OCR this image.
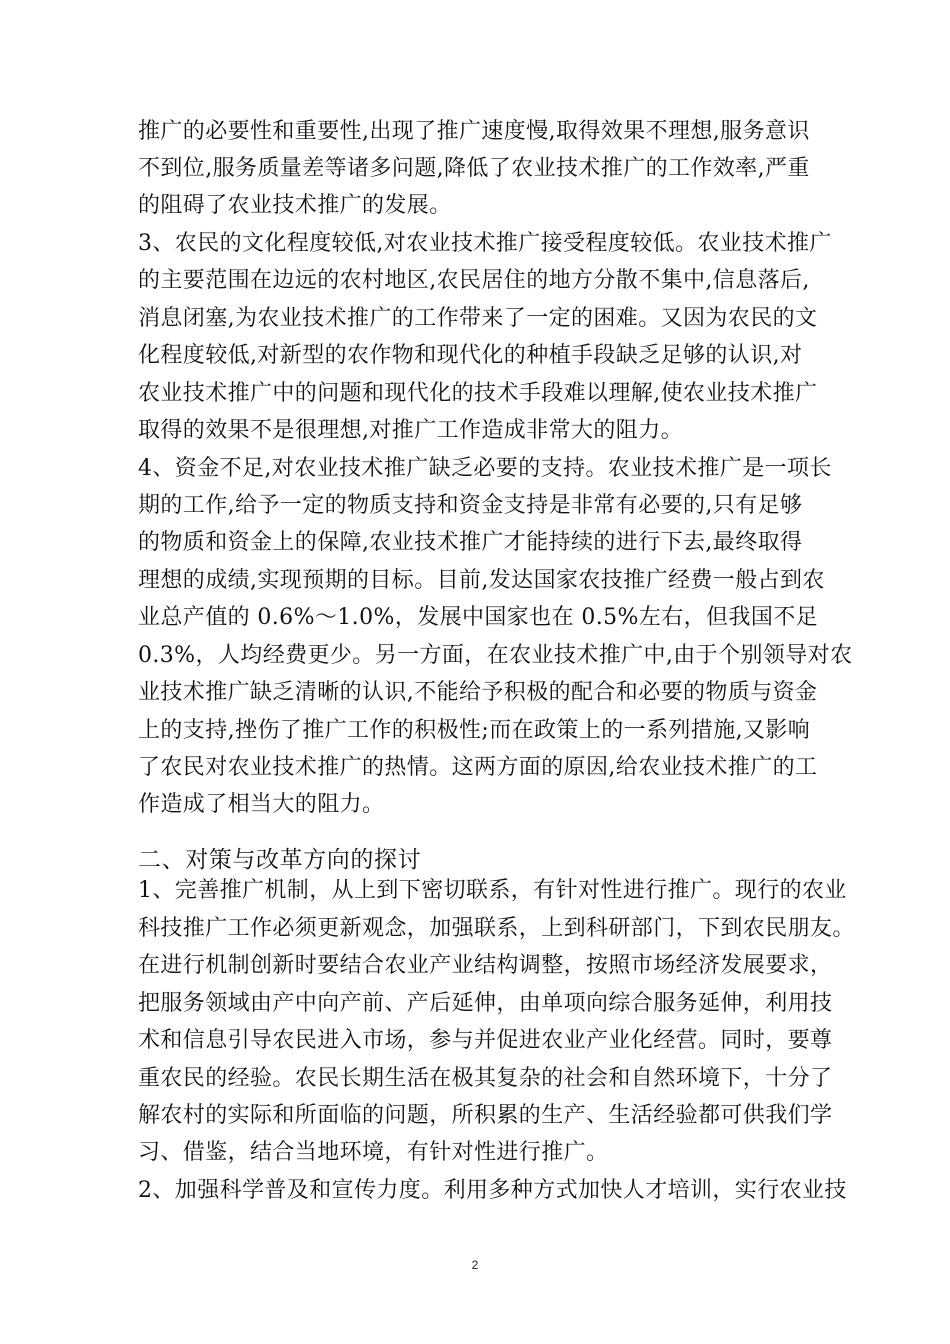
推广的必要性和重要性,出现了推广速度慢,取得效果不理想,服务意识
不到位,服务质量差等诸多问题,降低了农业技术推广的工作效率,严重
的阻碍了农业技术推广的发展。
3、农民的文化程度较低,对农业技术推广接受程度较低。农业技术推广
的主要范围在边远的农村地区,农民居住的地方分散不集中,信息落后,
消息闭塞,为农业技术推广的工作带来了一定的困难。又因为农民的文
化程度较低,对新型的农作物和现代化的种植手段缺乏足够的认识,对
农业技术推广中的问题和现代化的技术手段难以理解,使农业技术推广
取得的效果不是很理想,对推广工作造成非常大的阻力。
4、资金不足,对农业技术推广缺乏必要的支持。农业技术推广是一项长
期的工作,给予一定的物质支持和资金支持是非常有必要的,只有足够
的物质和资金上的保障,农业技术推广才能持续的进行下去,最终取得
理想的成绩,实现预期的目标。目前,发达国家农技推广经费一般占到农
业总产值的 0.6%～1.0%，发展中国家也在 0.5%左右，但我国不足
0.3%，人均经费更少。另一方面，在农业技术推广中,由于个别领导对农
业技术推广缺乏清晰的认识,不能给予积极的配合和必要的物质与资金
上的支持,挫伤了推广工作的积极性;而在政策上的一系列措施,又影响
了农民对农业技术推广的热情。这两方面的原因,给农业技术推广的工
作造成了相当大的阻力。
二、对策与改革方向的探讨
1、完善推广机制，从上到下密切联系，有针对性进行推广。现行的农业
科技推广工作必须更新观念，加强联系，上到科研部门，下到农民朋友。
在进行机制创新时要结合农业产业结构调整，按照市场经济发展要求，
把服务领域由产中向产前、产后延伸，由单项向综合服务延伸，利用技
术和信息引导农民进入市场，参与并促进农业产业化经营。同时，要尊
重农民的经验。农民长期生活在极其复杂的社会和自然环境下，十分了
解农村的实际和所面临的问题，所积累的生产、生活经验都可供我们学
习、借鉴，结合当地环境，有针对性进行推广。
2、加强科学普及和宣传力度。利用多种方式加快人才培训，实行农业技
2
